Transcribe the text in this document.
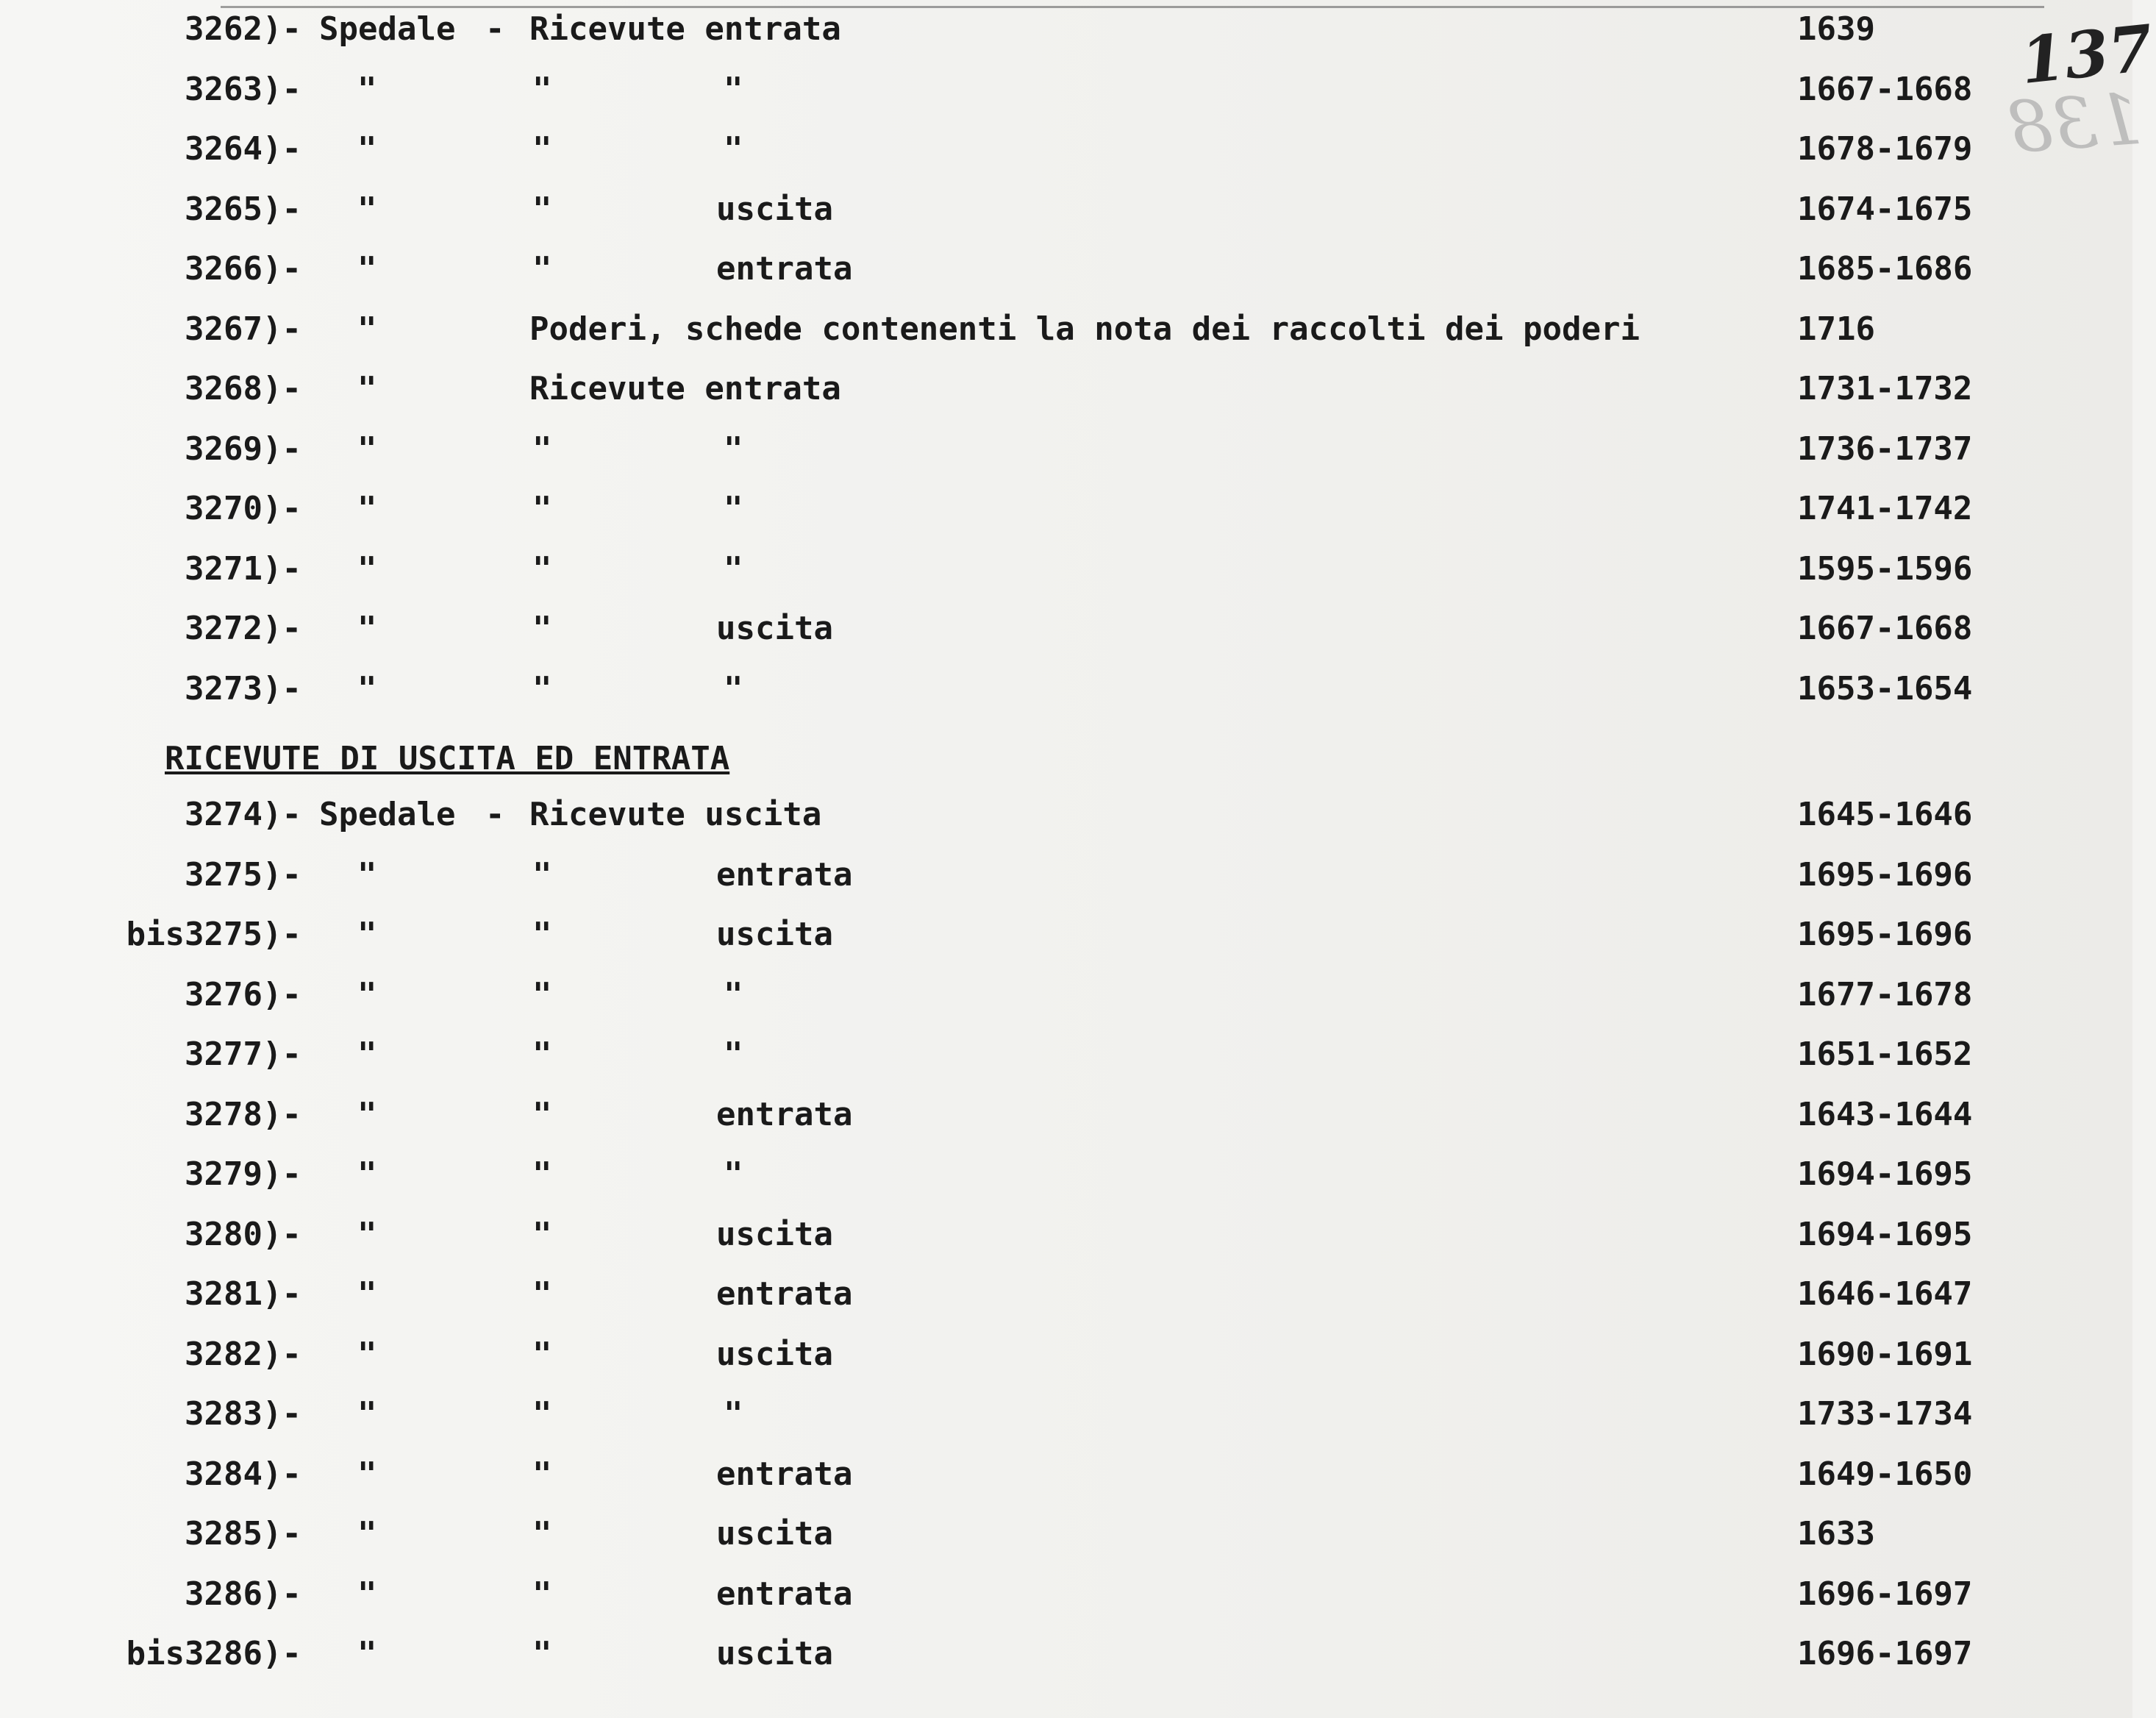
137
138
3262)- Spedale - Ricevute entrata	1639
3263)- "	"	"	1667-1668
3264)- "	"	"	1678-1679
3265)- "	"	uscita	1674-1675
3266)- "	"	entrata	1685-1686
3267)- "	Poderi, schede contenenti la nota dei raccolti dei poderi	1716
3268)- "	Ricevute entrata	1731-1732
3269)- "	"	"	1736-1737
3270)- "	"	"	1741-1742
3271)- "	"	"	1595-1596
3272)- "	"	uscita	1667-1668
3273)- "	"	"	1653-1654
RICEVUTE DI USCITA ED ENTRATA
3274)- Spedale - Ricevute uscita	1645-1646
3275)- "	"	entrata	1695-1696
bis3275)- "	"	uscita	1695-1696
3276)- "	"	"	1677-1678
3277)- "	"	"	1651-1652
3278)- "	"	entrata	1643-1644
3279)- "	"	"	1694-1695
3280)- "	"	uscita	1694-1695
3281)- "	"	entrata	1646-1647
3282)- "	"	uscita	1690-1691
3283)- "	"	"	1733-1734
3284)- "	"	entrata	1649-1650
3285)- "	"	uscita	1633
3286)- "	"	entrata	1696-1697
bis3286)- "	"	uscita	1696-1697
